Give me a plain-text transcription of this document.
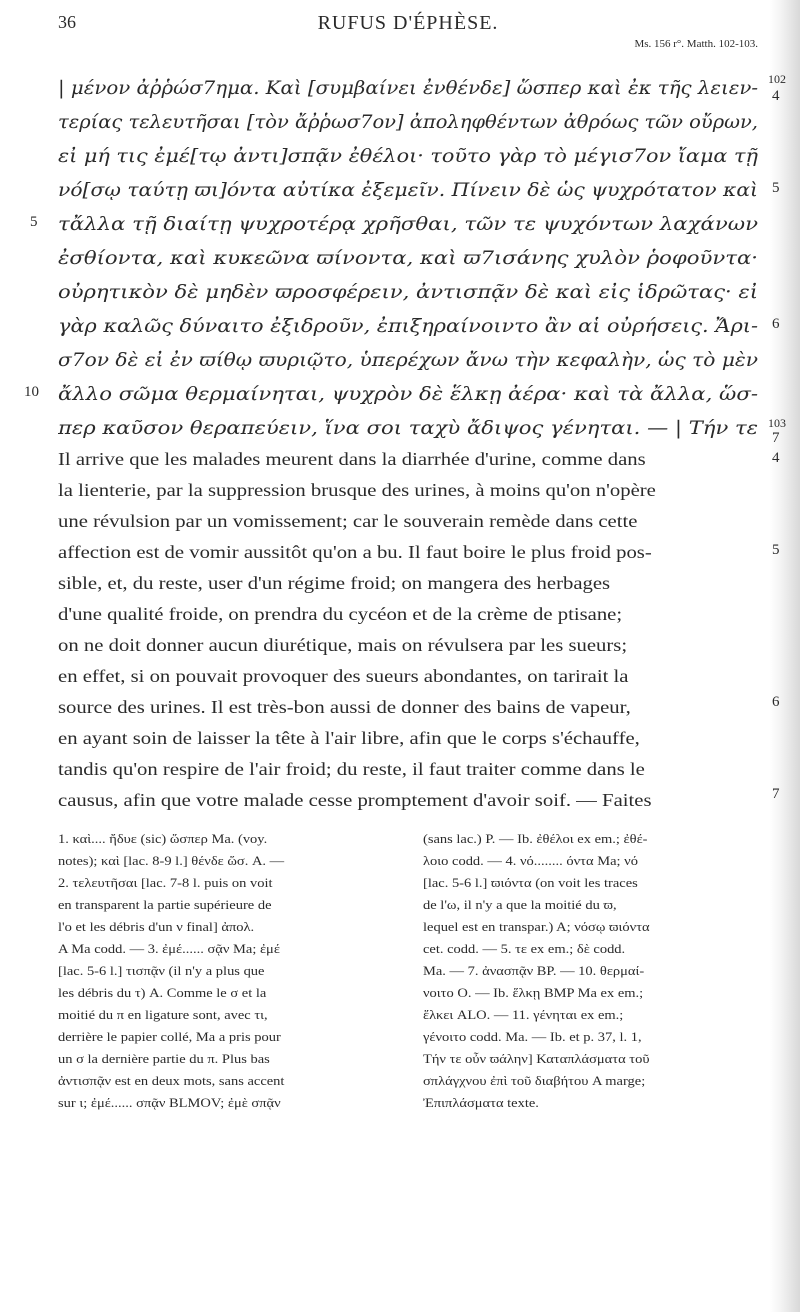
36	RUFUS D'ÉPHÈSE.
Ms. 156 r°. Matth. 102-103.
| μένον ἀῤῥώσ7ημα. Καὶ [συμβαίνει ἐνθένδε] ὥσπερ καὶ ἐκ τῆς λειεν-
τερίας τελευτῆσαι [τὸν ἄῤῥωσ7ον] ἀποληφθέντων ἀθρόως τῶν οὔρων,
εἰ μή τις ἐμέ[τῳ ἀντι]σπᾷν ἐθέλοι· τοῦτο γὰρ τὸ μέγισ7ον ἴαμα τῇ
νό[σῳ ταύτῃ ϖι]όντα αὐτίκα ἐξεμεῖν. Πίνειν δὲ ὡς ψυχρότατον καὶ
τἄλλα τῇ διαίτῃ ψυχροτέρᾳ χρῆσθαι, τῶν τε ψυχόντων λαχάνων
ἐσθίοντα, καὶ κυκεῶνα ϖίνοντα, καὶ ϖ7ισάνης χυλὸν ῥοφοῦντα·
οὐρητικὸν δὲ μηδὲν ϖροσφέρειν, ἀντισπᾷν δὲ καὶ εἰς ἱδρῶτας· εἰ
γὰρ καλῶς δύναιτο ἐξιδροῦν, ἐπιξηραίνοιντο ἂν αἱ οὐρήσεις. Ἄρι-
σ7ον δὲ εἰ ἐν ϖίθῳ ϖυριῷτο, ὑπερέχων ἄνω τὴν κεφαλὴν, ὡς τὸ μὲν
ἄλλο σῶμα θερμαίνηται, ψυχρὸν δὲ ἕλκῃ ἀέρα· καὶ τὰ ἄλλα, ὥσ-
περ καῦσον θεραπεύειν, ἵνα σοι ταχὺ ἄδιψος γένηται. — | Τήν τε
5
10
102
4
5
6
103
7
Il arrive que les malades meurent dans la diarrhée d'urine, comme dans
la lienterie, par la suppression brusque des urines, à moins qu'on n'opère
une révulsion par un vomissement; car le souverain remède dans cette
affection est de vomir aussitôt qu'on a bu. Il faut boire le plus froid pos-
sible, et, du reste, user d'un régime froid; on mangera des herbages
d'une qualité froide, on prendra du cycéon et de la crème de ptisane;
on ne doit donner aucun diurétique, mais on révulsera par les sueurs;
en effet, si on pouvait provoquer des sueurs abondantes, on tarirait la
source des urines. Il est très-bon aussi de donner des bains de vapeur,
en ayant soin de laisser la tête à l'air libre, afin que le corps s'échauffe,
tandis qu'on respire de l'air froid; du reste, il faut traiter comme dans le
causus, afin que votre malade cesse promptement d'avoir soif. — Faites
4
5
6
7
1. καὶ.... ἤδυε (sic) ὥσπερ Ma. (voy.
notes); καὶ [lac. 8-9 l.] θένδε ὥσ. A. —
2. τελευτῆσαι [lac. 7-8 l. puis on voit
en transparent la partie supérieure de
l'ο et les débris d'un ν final] ἀπολ.
A Ma codd. — 3. ἐμέ...... σᾷν Ma; ἐμέ
[lac. 5-6 l.] τισπᾷν (il n'y a plus que
les débris du τ) A. Comme le σ et la
moitié du π en ligature sont, avec τι,
derrière le papier collé, Ma a pris pour
un σ la dernière partie du π. Plus bas
ἀντισπᾷν est en deux mots, sans accent
sur ι; ἐμέ...... σπᾷν BLMOV; ἐμὲ σπᾷν
(sans lac.) P. — Ib. ἐθέλοι ex em.; ἐθέ-
λοιο codd. — 4. νό........ όντα Ma; νό
[lac. 5-6 l.] ϖιόντα (on voit les traces
de l'ω, il n'y a que la moitié du ϖ,
lequel est en transpar.) A; νόσῳ ϖιόντα
cet. codd. — 5. τε ex em.; δὲ codd.
Ma. — 7. ἀνασπᾷν BP. — 10. θερμαί-
νοιτο O. — Ib. ἕλκῃ BMP Ma ex em.;
ἕλκει ALO. — 11. γένηται ex em.;
γένοιτο codd. Ma. — Ib. et p. 37, l. 1,
Τήν τε οὖν ϖάλην] Καταπλάσματα τοῦ
σπλάγχνου ἐπὶ τοῦ διαβήτου A marge;
Ἐπιπλάσματα texte.
